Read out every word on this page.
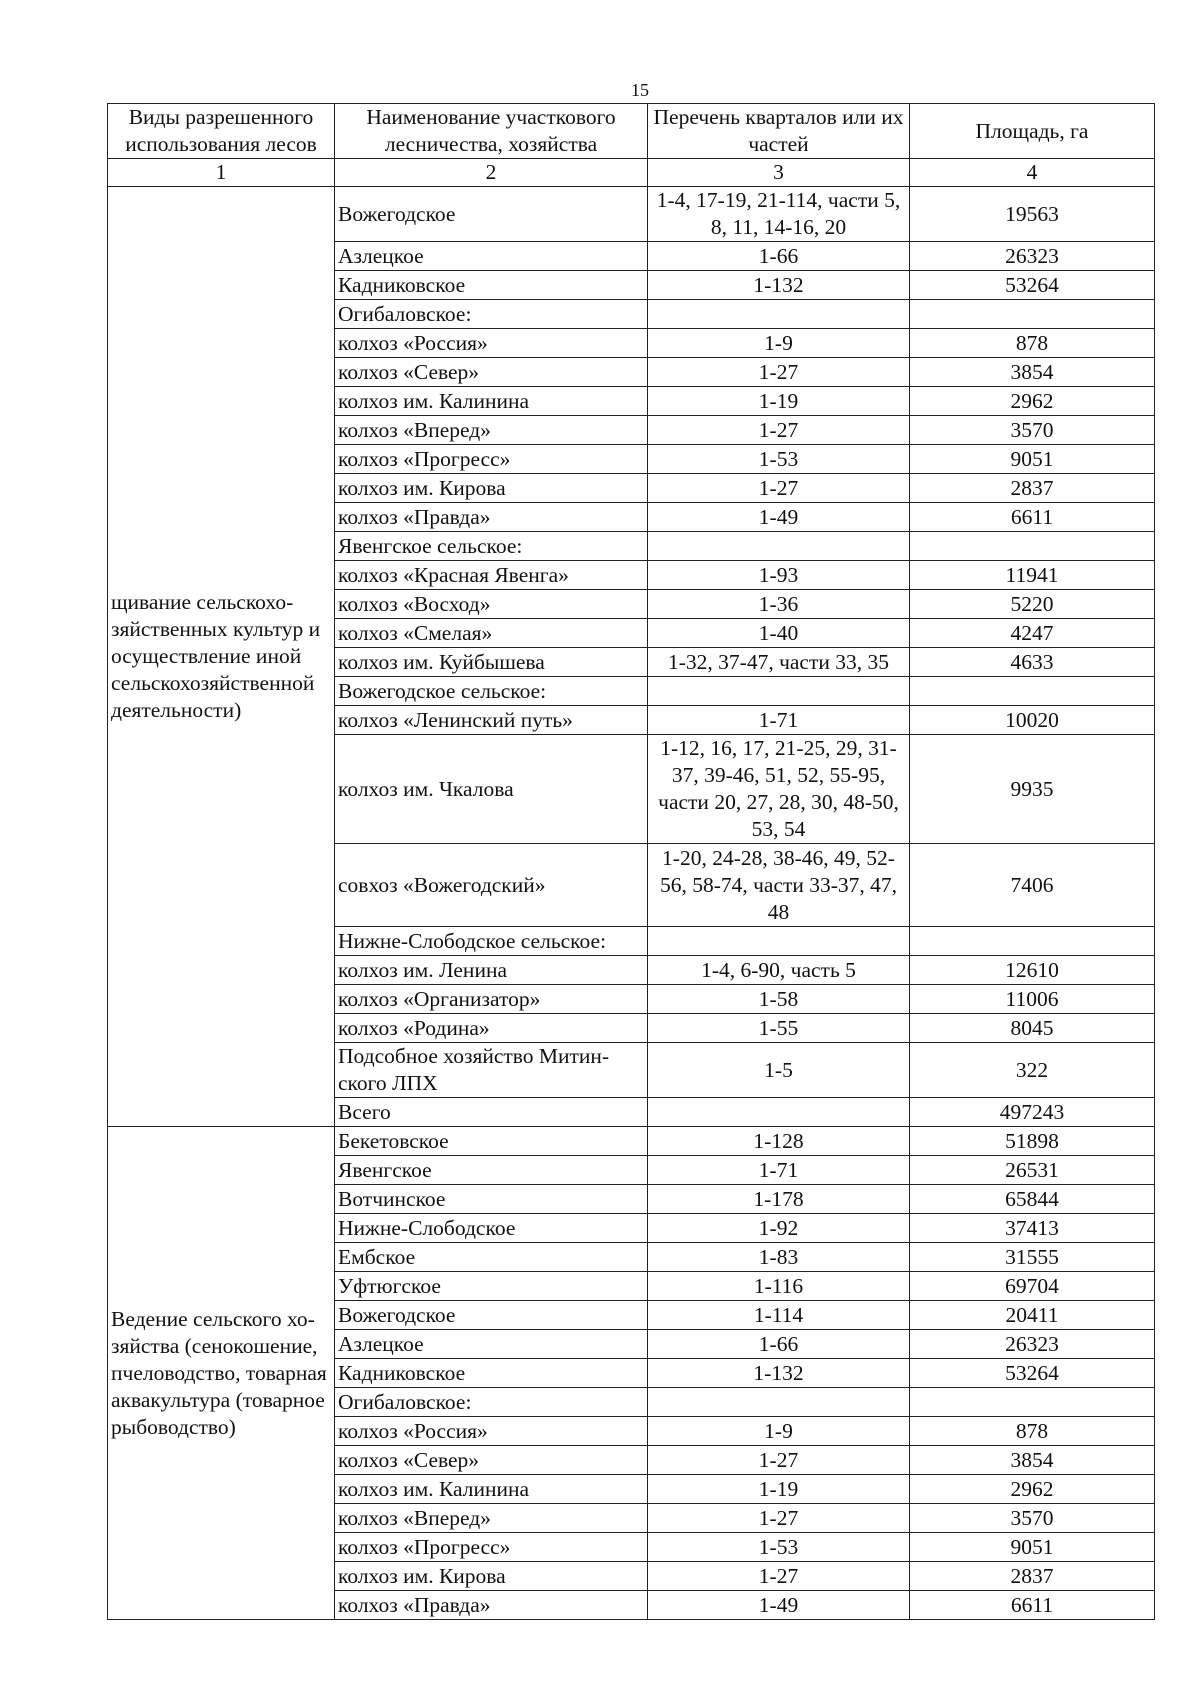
15
Виды разрешенного использования лесов	Наименование участкового лесничества, хозяйства	Перечень кварталов или их частей	Площадь, га
1	2	3	4
щивание сельскохо-зяйственных культур и осуществление иной сельскохозяйственной деятельности)	Вожегодское	1-4, 17-19, 21-114, части 5, 8, 11, 14-16, 20	19563
	Азлецкое	1-66	26323
	Кадниковское	1-132	53264
	Огибаловское:		
	колхоз «Россия»	1-9	878
	колхоз «Север»	1-27	3854
	колхоз им. Калинина	1-19	2962
	колхоз «Вперед»	1-27	3570
	колхоз «Прогресс»	1-53	9051
	колхоз им. Кирова	1-27	2837
	колхоз «Правда»	1-49	6611
	Явенгское сельское:		
	колхоз «Красная Явенга»	1-93	11941
	колхоз «Восход»	1-36	5220
	колхоз «Смелая»	1-40	4247
	колхоз им. Куйбышева	1-32, 37-47, части 33, 35	4633
	Вожегодское сельское:		
	колхоз «Ленинский путь»	1-71	10020
	колхоз им. Чкалова	1-12, 16, 17, 21-25, 29, 31-37, 39-46, 51, 52, 55-95, части 20, 27, 28, 30, 48-50, 53, 54	9935
	совхоз «Вожегодский»	1-20, 24-28, 38-46, 49, 52-56, 58-74, части 33-37, 47, 48	7406
	Нижне-Слободское сельское:		
	колхоз им. Ленина	1-4, 6-90, часть 5	12610
	колхоз «Организатор»	1-58	11006
	колхоз «Родина»	1-55	8045
	Подсобное хозяйство Митин-ского ЛПХ	1-5	322
	Всего		497243
Ведение сельского хо-зяйства (сенокошение, пчеловодство, товарная аквакультура (товарное рыбоводство)	Бекетовское	1-128	51898
	Явенгское	1-71	26531
	Вотчинское	1-178	65844
	Нижне-Слободское	1-92	37413
	Ембское	1-83	31555
	Уфтюгское	1-116	69704
	Вожегодское	1-114	20411
	Азлецкое	1-66	26323
	Кадниковское	1-132	53264
	Огибаловское:		
	колхоз «Россия»	1-9	878
	колхоз «Север»	1-27	3854
	колхоз им. Калинина	1-19	2962
	колхоз «Вперед»	1-27	3570
	колхоз «Прогресс»	1-53	9051
	колхоз им. Кирова	1-27	2837
	колхоз «Правда»	1-49	6611
